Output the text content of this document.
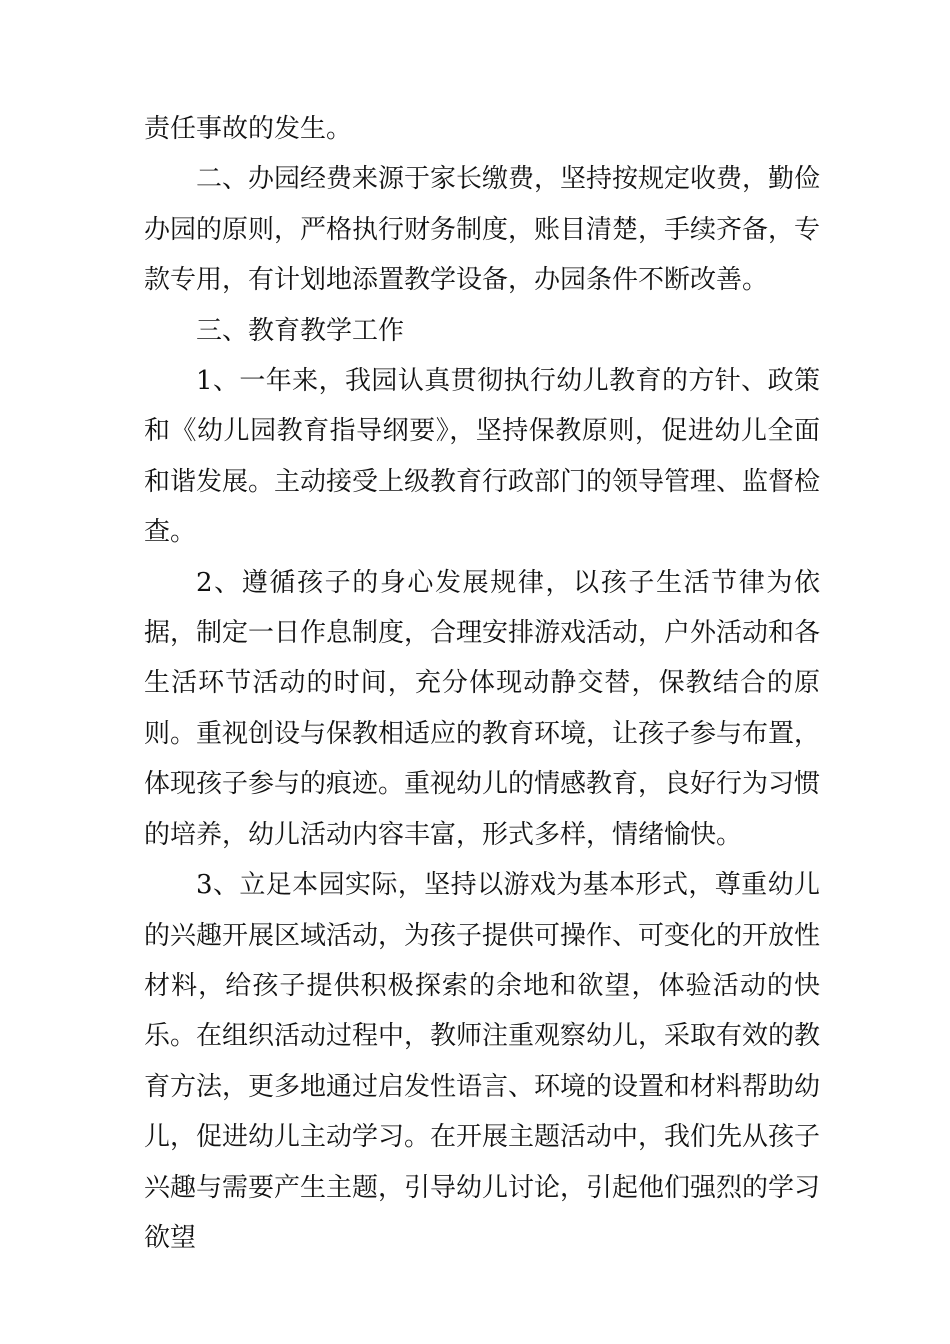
责任事故的发生。

二、办园经费来源于家长缴费，坚持按规定收费，勤俭办园的原则，严格执行财务制度，账目清楚，手续齐备，专款专用，有计划地添置教学设备，办园条件不断改善。

三、教育教学工作

1、一年来，我园认真贯彻执行幼儿教育的方针、政策和《幼儿园教育指导纲要》，坚持保教原则，促进幼儿全面和谐发展。主动接受上级教育行政部门的领导管理、监督检查。

2、遵循孩子的身心发展规律，以孩子生活节律为依据，制定一日作息制度，合理安排游戏活动，户外活动和各生活环节活动的时间，充分体现动静交替，保教结合的原则。重视创设与保教相适应的教育环境，让孩子参与布置，体现孩子参与的痕迹。重视幼儿的情感教育，良好行为习惯的培养，幼儿活动内容丰富，形式多样，情绪愉快。

3、立足本园实际，坚持以游戏为基本形式，尊重幼儿的兴趣开展区域活动，为孩子提供可操作、可变化的开放性材料，给孩子提供积极探索的余地和欲望，体验活动的快乐。在组织活动过程中，教师注重观察幼儿，采取有效的教育方法，更多地通过启发性语言、环境的设置和材料帮助幼儿，促进幼儿主动学习。在开展主题活动中，我们先从孩子兴趣与需要产生主题，引导幼儿讨论，引起他们强烈的学习欲望
